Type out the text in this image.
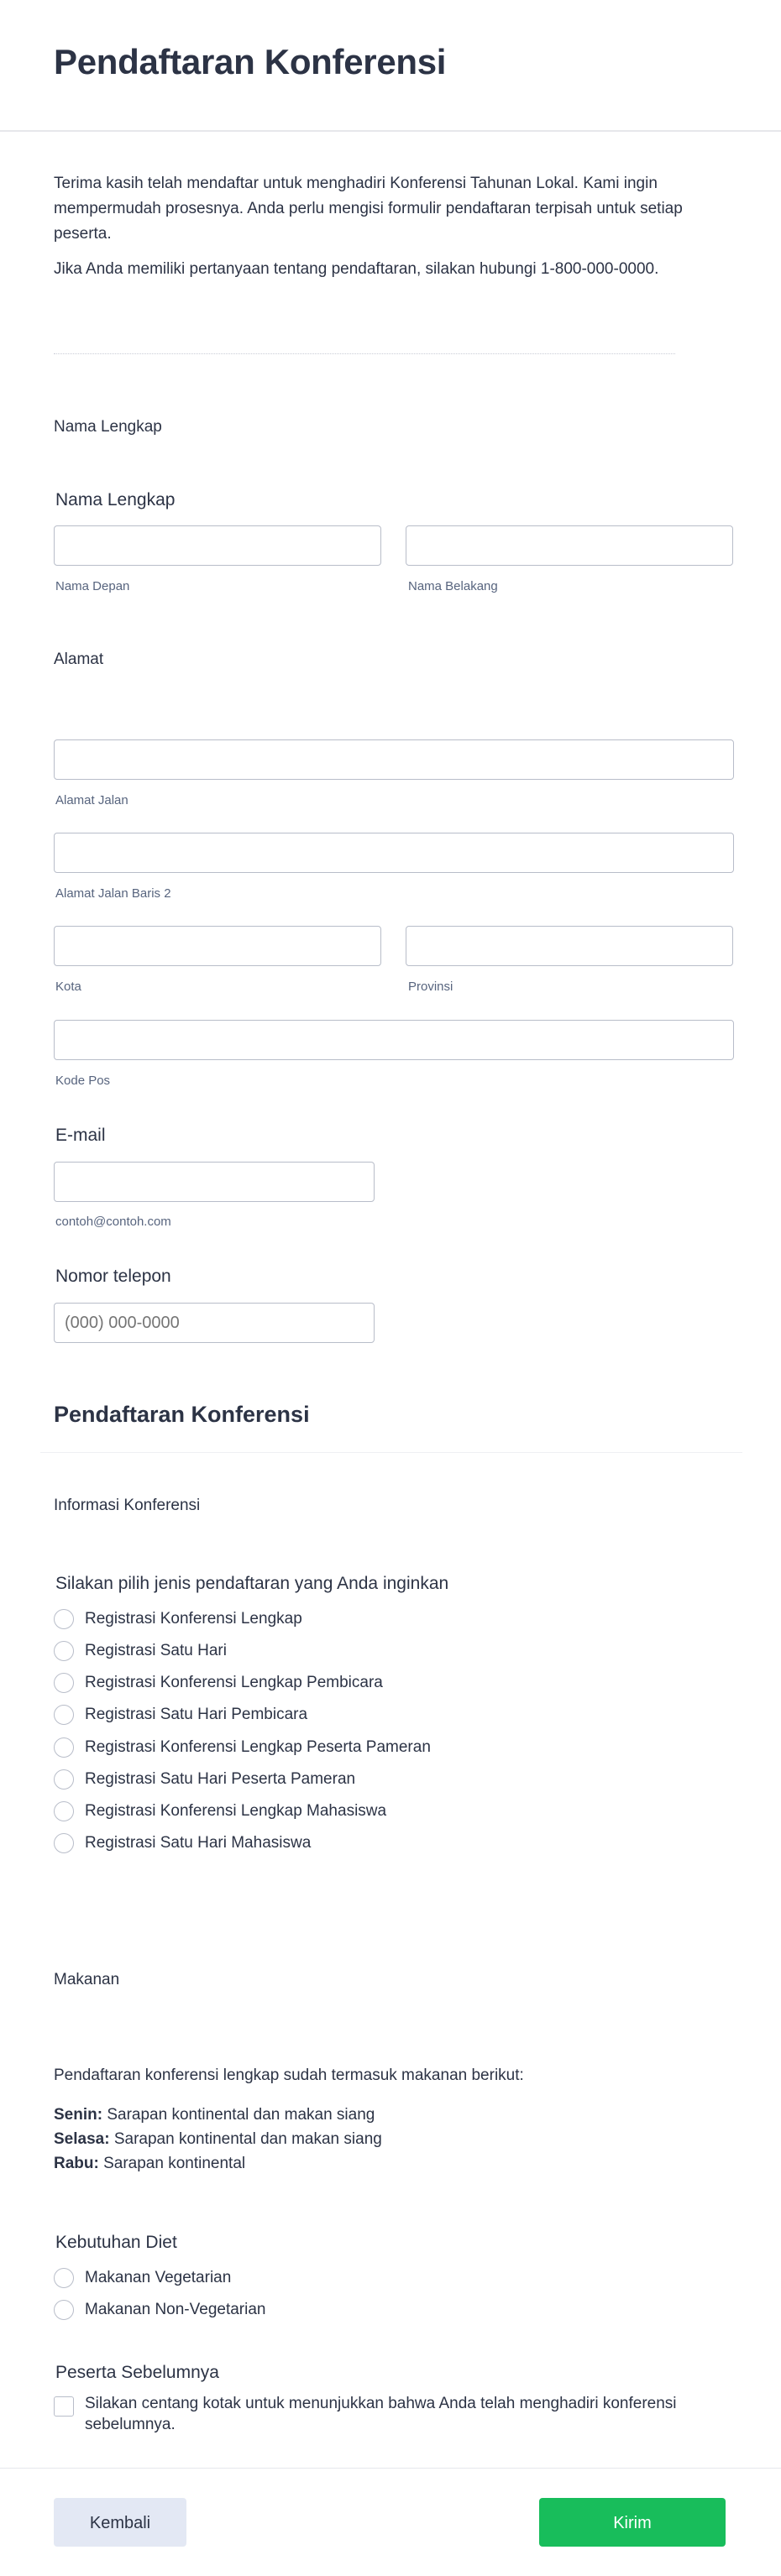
Pendaftaran Konferensi

Terima kasih telah mendaftar untuk menghadiri Konferensi Tahunan Lokal. Kami ingin mempermudah prosesnya. Anda perlu mengisi formulir pendaftaran terpisah untuk setiap peserta.

Jika Anda memiliki pertanyaan tentang pendaftaran, silakan hubungi 1-800-000-0000.

Nama Lengkap
Nama Lengkap
Nama Depan	Nama Belakang
Alamat
Alamat Jalan
Alamat Jalan Baris 2
Kota	Provinsi
Kode Pos
E-mail
contoh@contoh.com
Nomor telepon
(000) 000-0000
Pendaftaran Konferensi
Informasi Konferensi
Silakan pilih jenis pendaftaran yang Anda inginkan
Registrasi Konferensi Lengkap
Registrasi Satu Hari
Registrasi Konferensi Lengkap Pembicara
Registrasi Satu Hari Pembicara
Registrasi Konferensi Lengkap Peserta Pameran
Registrasi Satu Hari Peserta Pameran
Registrasi Konferensi Lengkap Mahasiswa
Registrasi Satu Hari Mahasiswa
Makanan
Pendaftaran konferensi lengkap sudah termasuk makanan berikut:
Senin: Sarapan kontinental dan makan siang
Selasa: Sarapan kontinental dan makan siang
Rabu: Sarapan kontinental
Kebutuhan Diet
Makanan Vegetarian
Makanan Non-Vegetarian
Peserta Sebelumnya
Silakan centang kotak untuk menunjukkan bahwa Anda telah menghadiri konferensi sebelumnya.
Kembali	Kirim
